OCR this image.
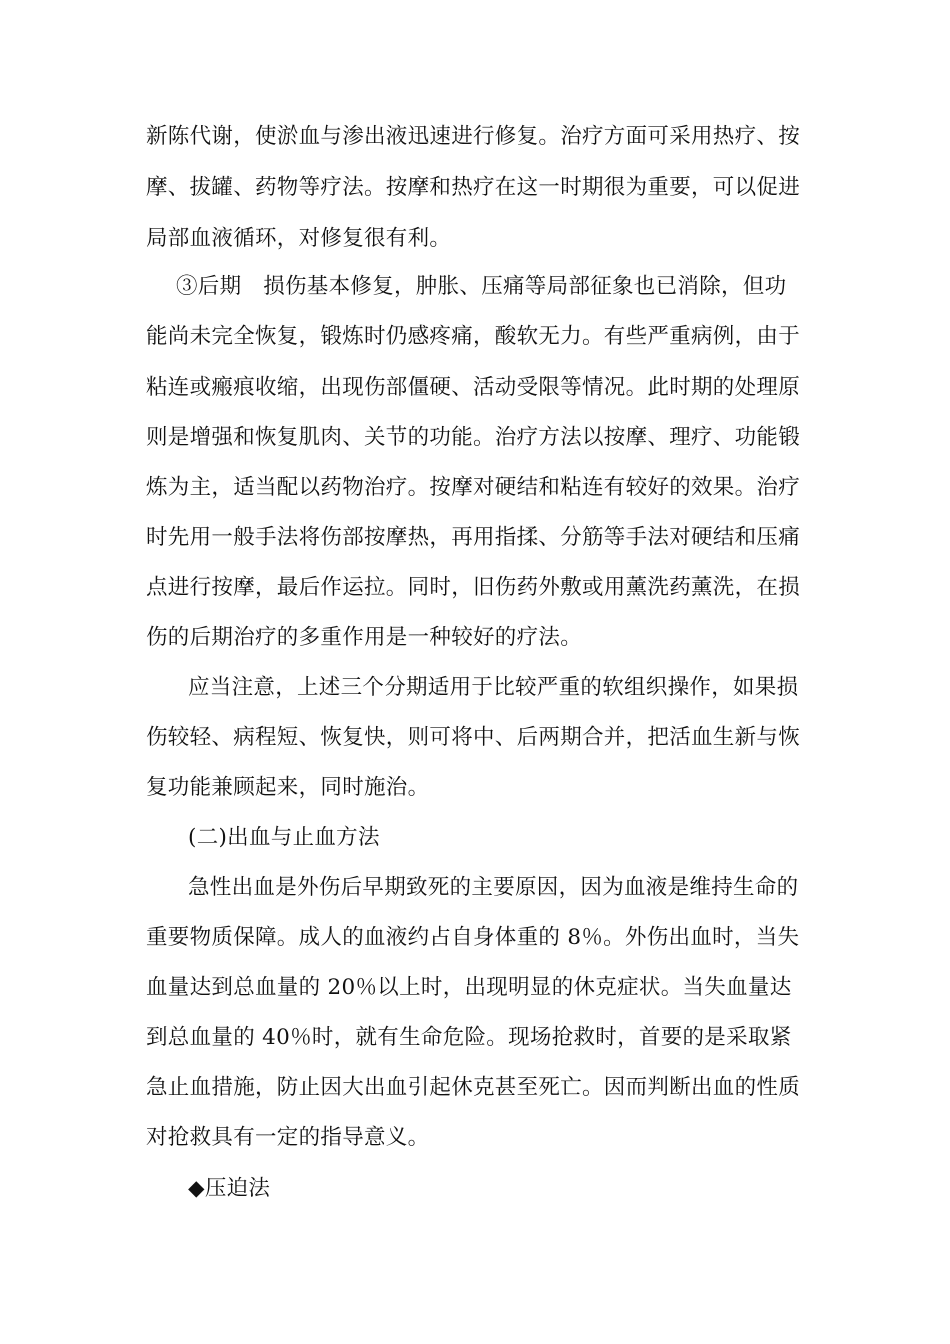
新陈代谢，使淤血与渗出液迅速进行修复。治疗方面可采用热疗、按
摩、拔罐、药物等疗法。按摩和热疗在这一时期很为重要，可以促进
局部血液循环，对修复很有利。
③后期　损伤基本修复，肿胀、压痛等局部征象也已消除，但功
能尚未完全恢复，锻炼时仍感疼痛，酸软无力。有些严重病例，由于
粘连或瘢痕收缩，出现伤部僵硬、活动受限等情况。此时期的处理原
则是增强和恢复肌肉、关节的功能。治疗方法以按摩、理疗、功能锻
炼为主，适当配以药物治疗。按摩对硬结和粘连有较好的效果。治疗
时先用一般手法将伤部按摩热，再用指揉、分筋等手法对硬结和压痛
点进行按摩，最后作运拉。同时，旧伤药外敷或用薰洗药薰洗，在损
伤的后期治疗的多重作用是一种较好的疗法。
应当注意，上述三个分期适用于比较严重的软组织操作，如果损
伤较轻、病程短、恢复快，则可将中、后两期合并，把活血生新与恢
复功能兼顾起来，同时施治。
(二)出血与止血方法
急性出血是外伤后早期致死的主要原因，因为血液是维持生命的
重要物质保障。成人的血液约占自身体重的 8％。外伤出血时，当失
血量达到总血量的 20％以上时，出现明显的休克症状。当失血量达
到总血量的 40％时，就有生命危险。现场抢救时，首要的是采取紧
急止血措施，防止因大出血引起休克甚至死亡。因而判断出血的性质
对抢救具有一定的指导意义。
◆压迫法
